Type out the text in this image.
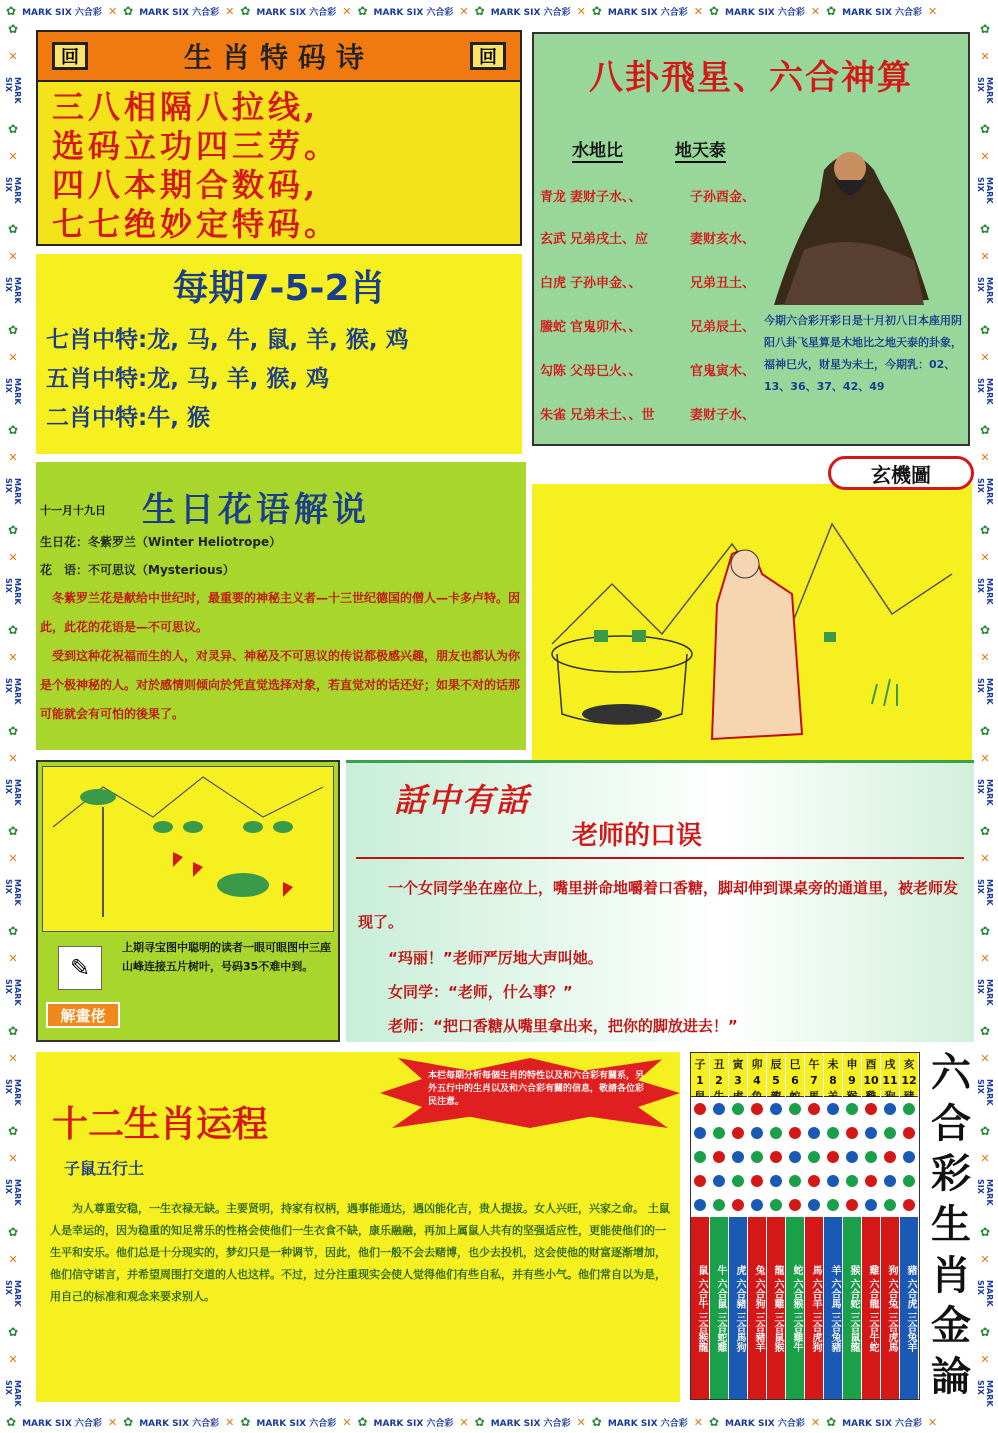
✿ MARK SIX 六合彩 ✕ ✿ MARK SIX 六合彩 ✕ ✿ MARK SIX 六合彩 ✕ ✿ MARK SIX 六合彩 ✕ ✿ MARK SIX 六合彩 ✕ ✿ MARK SIX 六合彩 ✕ ✿ MARK SIX 六合彩 ✕ ✿ MARK SIX 六合彩 ✕
✿ MARK SIX 六合彩 ✕ ✿ MARK SIX 六合彩 ✕ ✿ MARK SIX 六合彩 ✕ ✿ MARK SIX 六合彩 ✕ ✿ MARK SIX 六合彩 ✕ ✿ MARK SIX 六合彩 ✕ ✿ MARK SIX 六合彩 ✕ ✿ MARK SIX 六合彩 ✕
✿
✕
MARK SIX
✿
✕
MARK SIX
✿
✕
MARK SIX
✿
✕
MARK SIX
✿
✕
MARK SIX
✿
✕
MARK SIX
✿
✕
MARK SIX
✿
✕
MARK SIX
✿
✕
MARK SIX
✿
✕
MARK SIX
✿
✕
MARK SIX
✿
✕
MARK SIX
✿
✕
MARK SIX
✿
✕
MARK SIX
✿
✕
MARK SIX
✿
✕
MARK SIX
✿
✕
MARK SIX
✿
✕
MARK SIX
✿
✕
MARK SIX
✿
✕
MARK SIX
✿
✕
MARK SIX
✿
✕
MARK SIX
✿
✕
MARK SIX
✿
✕
MARK SIX
✿
✕
MARK SIX
✿
✕
MARK SIX
✿
✕
MARK SIX
✿
✕
MARK SIX
回	生肖特码诗	回
三八相隔八拉线,
选码立功四三劳。
四八本期合数码,
七七绝妙定特码。
每期7-5-2肖
七肖中特:龙, 马, 牛, 鼠, 羊, 猴, 鸡
五肖中特:龙, 马, 羊, 猴, 鸡
二肖中特:牛, 猴
八卦飛星、六合神算
水地比	地天泰
青龙 妻财子水、、	子孙酉金、
玄武 兄弟戌土、应	妻财亥水、
白虎 子孙申金、、	兄弟丑土、
螣蛇 官鬼卯木、、	兄弟辰土、
勾陈 父母巳火、、	官鬼寅木、
朱雀 兄弟未土、、世	妻财子水、
今期六合彩开彩日是十月初八日本座用阴阳八卦飞星算是木地比之地天泰的卦象，福神巳火，财星为未土，今期乳：02、13、36、37、42、49
十一月十九日 生日花语解说
生日花：冬紫罗兰（Winter Heliotrope）
花　语：不可思议（Mysterious）
　冬紫罗兰花是献给中世纪时，最重要的神秘主义者—十三世纪德国的僧人—卡多卢特。因此，此花的花语是—不可思议。
　受到这种花祝福而生的人，对灵异、神秘及不可思议的传说都极感兴趣，朋友也都认为你是个极神秘的人。对於感情则倾向於凭直觉选择对象，若直觉对的话还好；如果不对的话那可能就会有可怕的後果了。
玄機圖
✎
上期寻宝图中聪明的读者一眼可眼图中三座山峰连接五片树叶，号码35不难中到。
解畫佬
話中有話
老师的口误
　　一个女同学坐在座位上，嘴里拼命地嚼着口香糖，脚却伸到课桌旁的通道里，被老师发现了。
　　“玛丽！”老师严厉地大声叫她。
　　女同学：“老师，什么事？”
　　老师：“把口香糖从嘴里拿出来，把你的脚放进去！”
本栏每期分析每個生肖的特性以及和六合彩有關系，另外五行中的生肖以及和六合彩有關的信息，敬請各位彩民注意。
十二生肖运程
子鼠五行土
为人尊重安稳，一生衣禄无缺。主要贤明，持家有权柄，遇事能通达，遇凶能化吉，贵人提拔。女人兴旺，兴家之命。 土鼠人是幸运的，因为稳重的知足常乐的性格会使他们一生衣食不缺，康乐融融，再加上属鼠人共有的坚强适应性，更能使他们的一生平和安乐。他们总是十分现实的，梦幻只是一种调节，因此，他们一般不会去赌博，也少去投机，这会使他的财富逐渐增加，他们信守诺言，并希望周围打交道的人也这样。不过，过分注重现实会使人觉得他们有些自私，并有些小气。他们常自以为是，用自己的标准和观念来要求别人。
子 1
鼠 六合牛 三合猴龍
丑 2
牛 六合鼠 三合蛇雞
寅 3
虎 六合豬 三合馬狗
卯 4
兔 六合狗 三合豬羊
辰 5
龍 六合雞 三合鼠猴
巳 6
蛇 六合猴 三合雞牛
午 7
馬 六合羊 三合虎狗
未 8
羊 六合馬 三合兔豬
申 9
猴 六合蛇 三合鼠龍
酉 10
雞 六合龍 三合牛蛇
戌 11
狗 六合兔 三合虎馬
亥 12
豬 六合虎 三合兔羊
六
合
彩
生
肖
金
論
